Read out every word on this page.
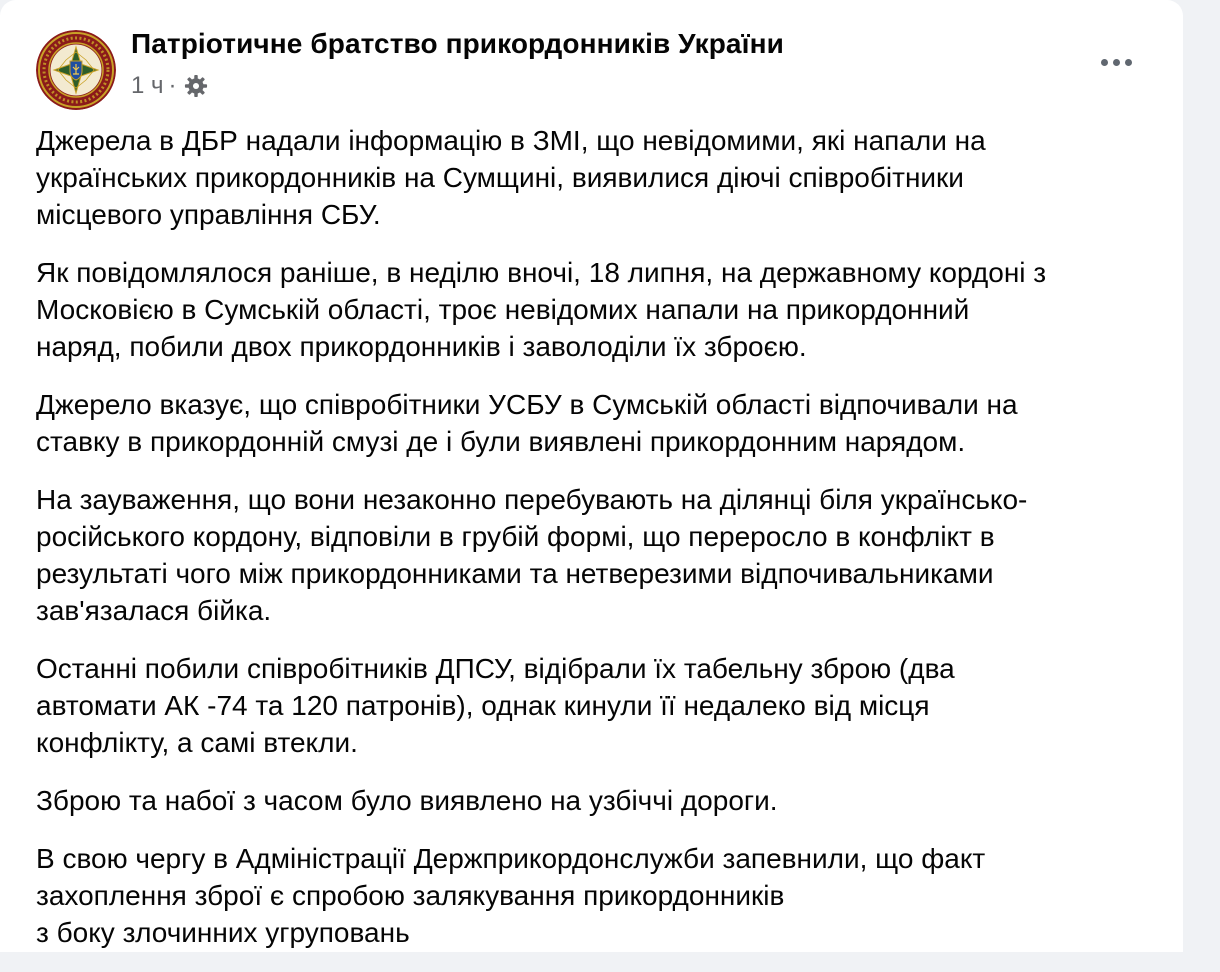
Патріотичне братство прикордонників України
1 ч ·

Джерела в ДБР надали інформацію в ЗМІ, що невідомими, які напали на
українських прикордонників на Сумщині, виявилися діючі співробітники
місцевого управління СБУ.

Як повідомлялося раніше, в неділю вночі, 18 липня, на державному кордоні з
Московією в Сумській області, троє невідомих напали на прикордонний
наряд, побили двох прикордонників і заволоділи їх зброєю.

Джерело вказує, що співробітники УСБУ в Сумській області відпочивали на
ставку в прикордонній смузі де і були виявлені прикордонним нарядом.

На зауваження, що вони незаконно перебувають на ділянці біля українсько-
російського кордону, відповіли в грубій формі, що переросло в конфлікт в
результаті чого між прикордонниками та нетверезими відпочивальниками
зав'язалася бійка.

Останні побили співробітників ДПСУ, відібрали їх табельну зброю (два
автомати АК -74 та 120 патронів), однак кинули її недалеко від місця
конфлікту, а самі втекли.

Зброю та набої з часом було виявлено на узбіччі дороги.

В свою чергу в Адміністрації Держприкордонслужби запевнили, що факт
захоплення зброї є спробою залякування прикордонників
з боку злочинних угруповань
